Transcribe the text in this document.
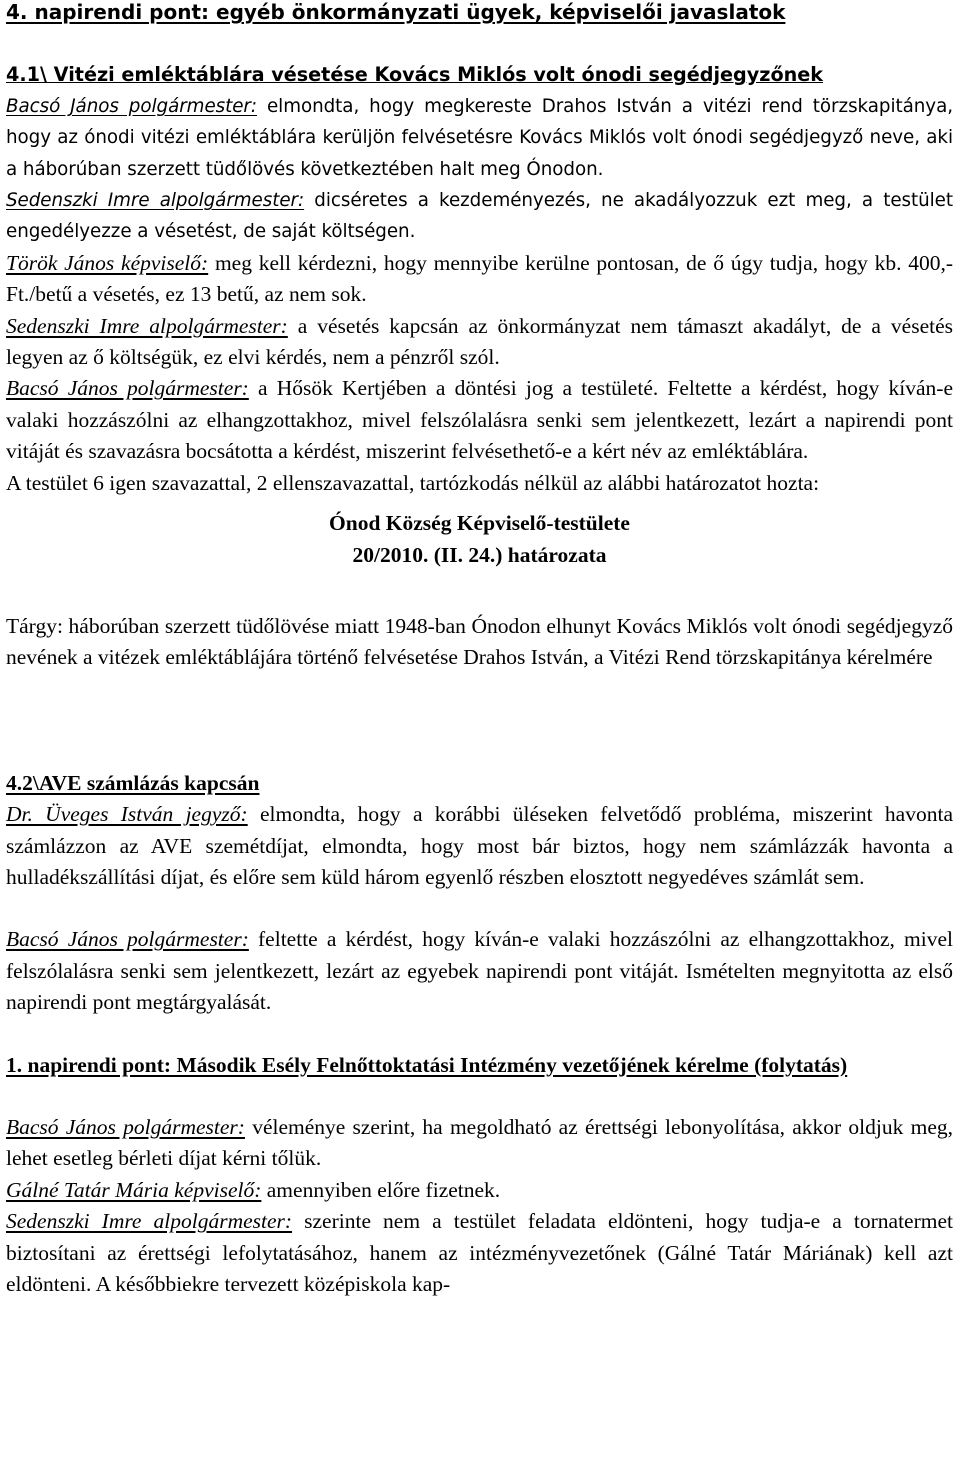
4. napirendi pont: egyéb önkormányzati ügyek, képviselői javaslatok
4.1\ Vitézi emléktáblára vésetése Kovács Miklós volt ónodi segédjegyzőnek

Bacsó János polgármester: elmondta, hogy megkereste Drahos István a vitézi rend törzskapitánya, hogy az ónodi vitézi emléktáblára kerüljön felvésetésre Kovács Miklós volt ónodi segédjegyző neve, aki a háborúban szerzett tüdőlövés következtében halt meg Ónodon.

Sedenszki Imre alpolgármester: dicséretes a kezdeményezés, ne akadályozzuk ezt meg, a testület engedélyezze a vésetést, de saját költségen.

Török János képviselő: meg kell kérdezni, hogy mennyibe kerülne pontosan, de ő úgy tudja, hogy kb. 400,- Ft./betű a vésetés, ez 13 betű, az nem sok.

Sedenszki Imre alpolgármester: a vésetés kapcsán az önkormányzat nem támaszt akadályt, de a vésetés legyen az ő költségük, ez elvi kérdés, nem a pénzről szól.

Bacsó János polgármester: a Hősök Kertjében a döntési jog a testületé. Feltette a kérdést, hogy kíván-e valaki hozzászólni az elhangzottakhoz, mivel felszólalásra senki sem jelentkezett, lezárt a napirendi pont vitáját és szavazásra bocsátotta a kérdést, miszerint felvésethető-e a kért név az emléktáblára.

A testület 6 igen szavazattal, 2 ellenszavazattal, tartózkodás nélkül az alábbi határozatot hozta:

Ónod Község Képviselő-testülete

20/2010. (II. 24.) határozata

Tárgy: háborúban szerzett tüdőlövése miatt 1948-ban Ónodon elhunyt Kovács Miklós volt ónodi segédjegyző nevének a vitézek emléktáblájára történő felvésetése Drahos István, a Vitézi Rend törzskapitánya kérelmére

4.2\AVE számlázás kapcsán

Dr. Üveges István jegyző: elmondta, hogy a korábbi üléseken felvetődő probléma, miszerint havonta számlázzon az AVE szemétdíjat, elmondta, hogy most bár biztos, hogy nem számlázzák havonta a hulladékszállítási díjat, és előre sem küld három egyenlő részben elosztott negyedéves számlát sem.

Bacsó János polgármester: feltette a kérdést, hogy kíván-e valaki hozzászólni az elhangzottakhoz, mivel felszólalásra senki sem jelentkezett, lezárt az egyebek napirendi pont vitáját. Ismételten megnyitotta az első napirendi pont megtárgyalását.

1. napirendi pont: Második Esély Felnőttoktatási Intézmény vezetőjének kérelme (folytatás)

Bacsó János polgármester: véleménye szerint, ha megoldható az érettségi lebonyolítása, akkor oldjuk meg, lehet esetleg bérleti díjat kérni tőlük.

Gálné Tatár Mária képviselő: amennyiben előre fizetnek.

Sedenszki Imre alpolgármester: szerinte nem a testület feladata eldönteni, hogy tudja-e a tornatermet biztosítani az érettségi lefolytatásához, hanem az intézményvezetőnek (Gálné Tatár Máriának) kell azt eldönteni. A későbbiekre tervezett középiskola kap-
